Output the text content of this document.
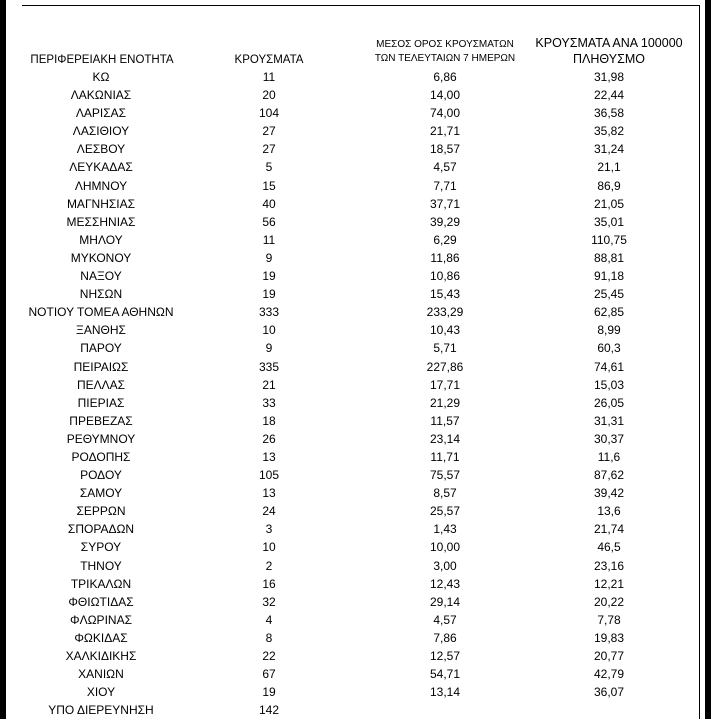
ΠΕΡΙΦΕΡΕΙΑΚΗ ΕΝΟΤΗΤΑ	ΚΡΟΥΣΜΑΤΑ
ΜΕΣΟΣ ΟΡΟΣ ΚΡΟΥΣΜΑΤΩΝ
ΤΩΝ ΤΕΛΕΥΤΑΙΩΝ 7 ΗΜΕΡΩΝ
ΚΡΟΥΣΜΑΤΑ ΑΝΑ 100000
ΠΛΗΘΥΣΜΟ
ΚΩ	11	6,86	31,98
ΛΑΚΩΝΙΑΣ	20	14,00	22,44
ΛΑΡΙΣΑΣ	104	74,00	36,58
ΛΑΣΙΘΙΟΥ	27	21,71	35,82
ΛΕΣΒΟΥ	27	18,57	31,24
ΛΕΥΚΑΔΑΣ	5	4,57	21,1
ΛΗΜΝΟΥ	15	7,71	86,9
ΜΑΓΝΗΣΙΑΣ	40	37,71	21,05
ΜΕΣΣΗΝΙΑΣ	56	39,29	35,01
ΜΗΛΟΥ	11	6,29	110,75
ΜΥΚΟΝΟΥ	9	11,86	88,81
ΝΑΞΟΥ	19	10,86	91,18
ΝΗΣΩΝ	19	15,43	25,45
ΝΟΤΙΟΥ ΤΟΜΕΑ ΑΘΗΝΩΝ	333	233,29	62,85
ΞΑΝΘΗΣ	10	10,43	8,99
ΠΑΡΟΥ	9	5,71	60,3
ΠΕΙΡΑΙΩΣ	335	227,86	74,61
ΠΕΛΛΑΣ	21	17,71	15,03
ΠΙΕΡΙΑΣ	33	21,29	26,05
ΠΡΕΒΕΖΑΣ	18	11,57	31,31
ΡΕΘΥΜΝΟΥ	26	23,14	30,37
ΡΟΔΟΠΗΣ	13	11,71	11,6
ΡΟΔΟΥ	105	75,57	87,62
ΣΑΜΟΥ	13	8,57	39,42
ΣΕΡΡΩΝ	24	25,57	13,6
ΣΠΟΡΑΔΩΝ	3	1,43	21,74
ΣΥΡΟΥ	10	10,00	46,5
ΤΗΝΟΥ	2	3,00	23,16
ΤΡΙΚΑΛΩΝ	16	12,43	12,21
ΦΘΙΩΤΙΔΑΣ	32	29,14	20,22
ΦΛΩΡΙΝΑΣ	4	4,57	7,78
ΦΩΚΙΔΑΣ	8	7,86	19,83
ΧΑΛΚΙΔΙΚΗΣ	22	12,57	20,77
ΧΑΝΙΩΝ	67	54,71	42,79
ΧΙΟΥ	19	13,14	36,07
ΥΠΟ ΔΙΕΡΕΥΝΗΣΗ	142
